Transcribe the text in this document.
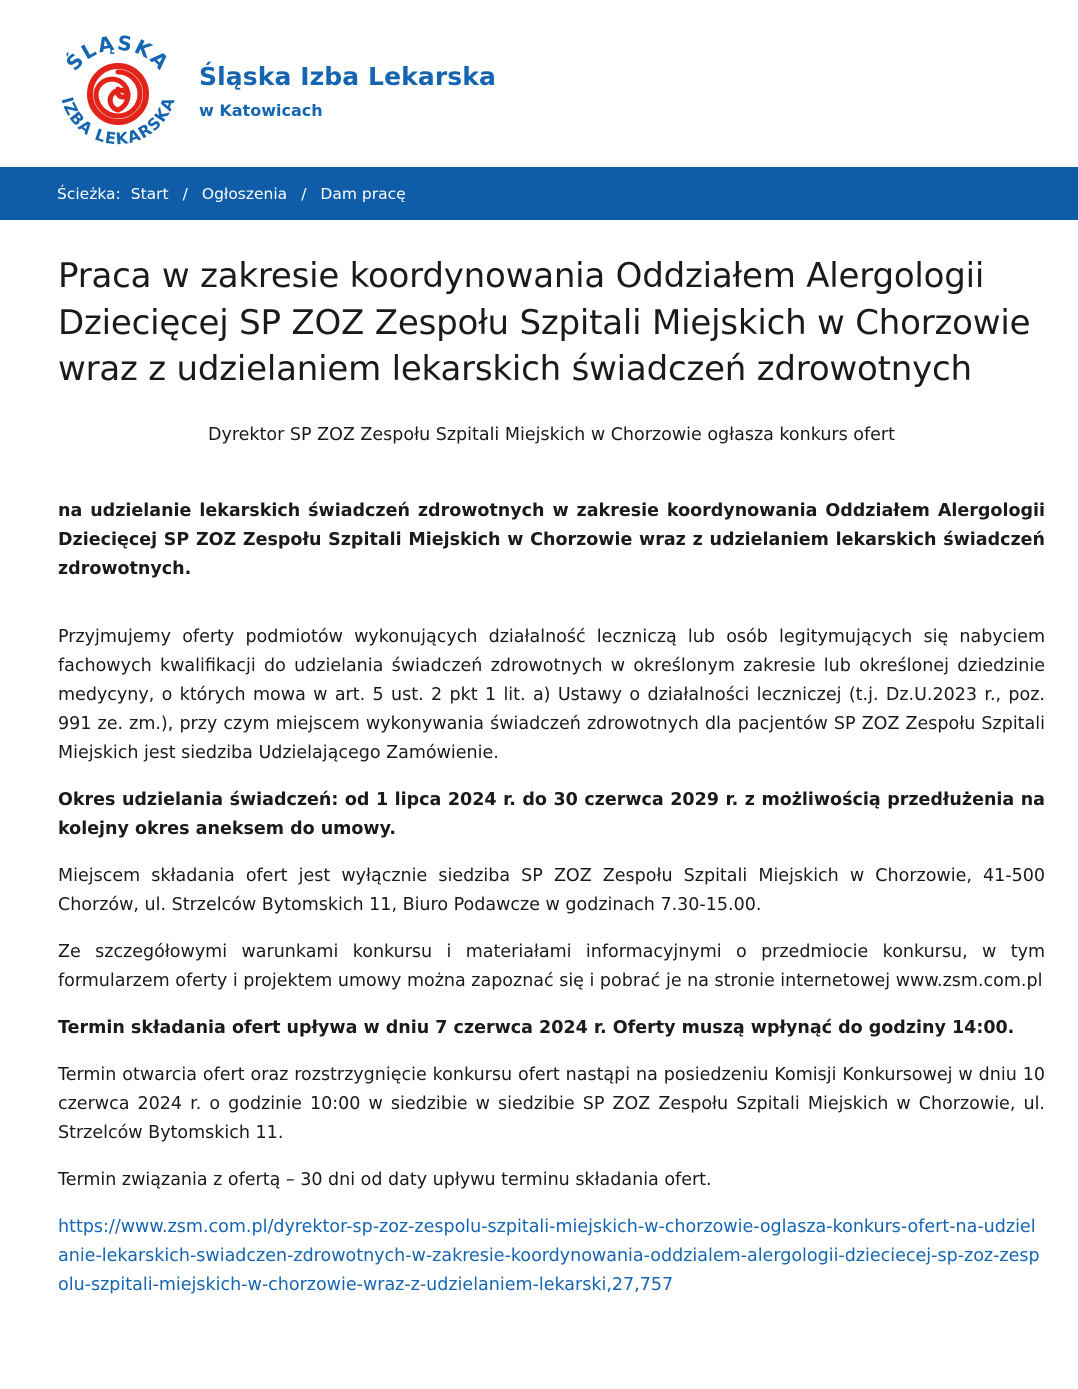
ŚLĄSKA
IZBA LEKARSKA
Śląska Izba Lekarska
w Katowicach
Ścieżka: Start / Ogłoszenia / Dam pracę
Praca w zakresie koordynowania Oddziałem Alergologii Dziecięcej SP ZOZ Zespołu Szpitali Miejskich w Chorzowie wraz z udzielaniem lekarskich świadczeń zdrowotnych

Dyrektor SP ZOZ Zespołu Szpitali Miejskich w Chorzowie ogłasza konkurs ofert

na udzielanie lekarskich świadczeń zdrowotnych w zakresie koordynowania Oddziałem Alergologii Dziecięcej SP ZOZ Zespołu Szpitali Miejskich w Chorzowie wraz z udzielaniem lekarskich świadczeń zdrowotnych.

Przyjmujemy oferty podmiotów wykonujących działalność leczniczą lub osób legitymujących się nabyciem fachowych kwalifikacji do udzielania świadczeń zdrowotnych w określonym zakresie lub określonej dziedzinie medycyny, o których mowa w art. 5 ust. 2 pkt 1 lit. a) Ustawy o działalności leczniczej (t.j. Dz.U.2023 r., poz. 991 ze. zm.), przy czym miejscem wykonywania świadczeń zdrowotnych dla pacjentów SP ZOZ Zespołu Szpitali Miejskich jest siedziba Udzielającego Zamówienie.

Okres udzielania świadczeń: od 1 lipca 2024 r. do 30 czerwca 2029 r. z możliwością przedłużenia na kolejny okres aneksem do umowy.

Miejscem składania ofert jest wyłącznie siedziba SP ZOZ Zespołu Szpitali Miejskich w Chorzowie, 41-500 Chorzów, ul. Strzelców Bytomskich 11, Biuro Podawcze w godzinach 7.30-15.00.

Ze szczegółowymi warunkami konkursu i materiałami informacyjnymi o przedmiocie konkursu, w tym formularzem oferty i projektem umowy można zapoznać się i pobrać je na stronie internetowej www.zsm.com.pl

Termin składania ofert upływa w dniu 7 czerwca 2024 r. Oferty muszą wpłynąć do godziny 14:00.

Termin otwarcia ofert oraz rozstrzygnięcie konkursu ofert nastąpi na posiedzeniu Komisji Konkursowej w dniu 10 czerwca 2024 r. o godzinie 10:00 w siedzibie w siedzibie SP ZOZ Zespołu Szpitali Miejskich w Chorzowie, ul. Strzelców Bytomskich 11.

Termin związania z ofertą – 30 dni od daty upływu terminu składania ofert.

https://www.zsm.com.pl/dyrektor-sp-zoz-zespolu-szpitali-miejskich-w-chorzowie-oglasza-konkurs-ofert-na-udzielanie-lekarskich-swiadczen-zdrowotnych-w-zakresie-koordynowania-oddzialem-alergologii-dzieciecej-sp-zoz-zespolu-szpitali-miejskich-w-chorzowie-wraz-z-udzielaniem-lekarski,27,757
